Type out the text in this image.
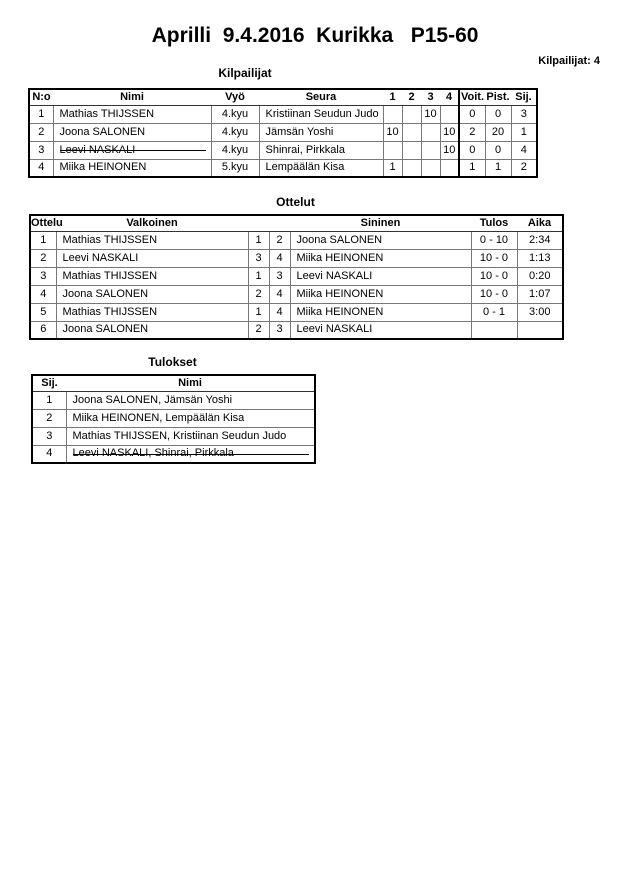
Aprilli  9.4.2016  Kurikka   P15-60
Kilpailijat: 4
Kilpailijat
N:o	Nimi	Vyö	Seura	1	2	3	4	Voit.	Pist.	Sij.
1	Mathias THIJSSEN	4.kyu	Kristiinan Seudun Judo			10		0	0	3
2	Joona SALONEN	4.kyu	Jämsän Yoshi	10			10	2	20	1
3	Leevi NASKALI	4.kyu	Shinrai, Pirkkala				10	0	0	4
4	Miika HEINONEN	5.kyu	Lempäälän Kisa	1				1	1	2
Ottelut
Ottelu	Valkoinen			Sininen	Tulos	Aika
1	Mathias THIJSSEN	1	2	Joona SALONEN	0 - 10	2:34
2	Leevi NASKALI	3	4	Miika HEINONEN	10 - 0	1:13
3	Mathias THIJSSEN	1	3	Leevi NASKALI	10 - 0	0:20
4	Joona SALONEN	2	4	Miika HEINONEN	10 - 0	1:07
5	Mathias THIJSSEN	1	4	Miika HEINONEN	0 - 1	3:00
6	Joona SALONEN	2	3	Leevi NASKALI		
Tulokset
Sij.	Nimi
1	Joona SALONEN, Jämsän Yoshi
2	Miika HEINONEN, Lempäälän Kisa
3	Mathias THIJSSEN, Kristiinan Seudun Judo
4	Leevi NASKALI, Shinrai, Pirkkala
